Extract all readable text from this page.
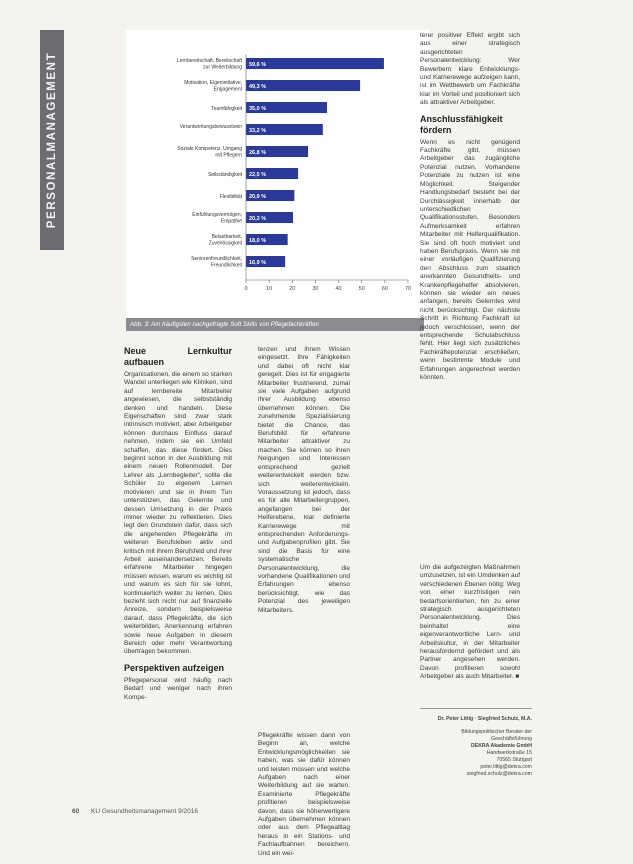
PERSONALMANAGEMENT	59,6 %
Lernbereitschaft, Bereitschaft
zur Weiterbildung
49,3 %
Motivation, Eigeninitiative,
Engagement
35,0 %
Teamfähigkeit
33,2 %
Verantwortungsbewusstsein
26,8 %
Soziale Kompetenz, Umgang
mit Pflegern
22,5 %
Selbständigkeit
20,9 %
Flexibilität
20,3 %
Einfühlungsvermögen,
Empathie
18,0 %
Belastbarkeit,
Zuverlässigkeit
16,9 %
Seniorenfreundlichkeit,
Freundlichkeit
0	10	20	30	40	50	60	70
Abb. 3: Am häufigsten nachgefragte Soft Skills von Pflegefachkräften
Neue Lernkultur aufbauen

Organisationen, die einem so starken Wandel unterliegen wie Kliniken, sind auf lernbereite Mitarbeiter angewiesen, die selbstständig denken und handeln. Diese Eigenschaften sind zwar stark intrinsisch motiviert, aber Arbeitgeber können durchaus Einfluss darauf nehmen, indem sie ein Umfeld schaffen, das diese fördert. Dies beginnt schon in der Ausbildung mit einem neuen Rollenmodell. Der Lehrer als „Lernbegleiter“, sollte die Schüler zu eigenem Lernen motivieren und sie in ihrem Tun unterstützen, das Gelernte und dessen Umsetzung in der Praxis immer wieder zu reflektieren. Dies legt den Grundstein dafür, dass sich die angehenden Pflegekräfte im weiteren Berufsleben aktiv und kritisch mit ihrem Berufsfeld und ihrer Arbeit auseinandersetzen. Bereits erfahrene Mitarbeiter hingegen müssen wissen, warum es wichtig ist und warum es sich für sie lohnt, kontinuierlich weiter zu lernen. Dies bezieht sich nicht nur auf finanzielle Anreize, sondern beispielsweise darauf, dass Pflegekräfte, die sich weiterbilden, Anerkennung erfahren sowie neue Aufgaben in diesem Bereich oder mehr Verantwortung übertragen bekommen.

Perspektiven aufzeigen

Pflegepersonal wird häufig nach Bedarf und weniger nach ihren Kompe-

tenzen und ihrem Wissen eingesetzt. Ihre Fähigkeiten und dabei oft nicht klar geregelt. Dies ist für engagierte Mitarbeiter frustrierend, zumal sie viele Aufgaben aufgrund ihrer Ausbildung ebenso übernehmen können. Die zunehmende Spezialisierung bietet die Chance, das Berufsbild für erfahrene Mitarbeiter attraktiver zu machen. Sie können so ihren Neigungen und Interessen entsprechend gezielt weiterentwickelt werden bzw. sich weiterentwickeln. Voraussetzung ist jedoch, dass es für alle Mitarbeitergruppen, angefangen bei der Helferebene, klar definierte Karrierewege mit entsprechenden Anforderungs- und Aufgabenprofilen gibt. Sie sind die Basis für eine systematische Personalentwicklung, die vorhandene Qualifikationen und Erfahrungen ebenso berücksichtigt, wie das Potenzial des jeweiligen Mitarbeiters.

Pflegekräfte wissen dann von Beginn an, welche Entwicklungsmöglichkeiten sie haben, was sie dafür können und leisten müssen und welche Aufgaben nach einer Weiterbildung auf sie warten. Examinierte Pflegekräfte profitieren beispielsweise davon, dass sie höherwertigere Aufgaben übernehmen können oder aus dem Pflegealltag heraus in ein Stations- und Fachlaufbahnen bereichern. Und ein wei-

terer positiver Effekt ergibt sich aus einer strategisch ausgerichteten Personalentwicklung: Wer Bewerbern klare Entwicklungs- und Karrierewege aufzeigen kann, ist im Wettbewerb um Fachkräfte klar im Vorteil und positioniert sich als attraktiver Arbeitgeber.

Anschlussfähigkeit fördern

Wenn es nicht genügend Fachkräfte gibt, müssen Arbeitgeber das zugängliche Potenzial nutzen. Vorhandene Potenziale zu nutzen ist eine Möglichkeit. Steigender Handlungsbedarf besteht bei der Durchlässigkeit innerhalb der unterschiedlichen Qualifikationsstufen. Besonders Aufmerksamkeit erfahren Mitarbeiter mit Helferqualifikation. Sie sind oft hoch motiviert und haben Berufspraxis. Wenn sie mit einer vorläufigen Qualifizierung den Abschluss zum staatlich anerkannten Gesundheits- und Krankenpflegehelfer absolvieren, können sie wieder ein neues anfangen, bereits Gelerntes wird nicht berücksichtigt. Der nächste Schritt in Richtung Fachkraft ist jedoch verschlossen, wenn der entsprechende Schulabschluss fehlt. Hier liegt sich zusätzliches Fachkräftepotenzial erschließen, wenn bestimmte Module und Erfahrungen angerechnet werden könnten.

Um die aufgezeigten Maßnahmen umzusetzen, ist ein Umdenken auf verschiedenen Ebenen nötig: Weg von einer kurzfristigen rein bedarfsorientierten, hin zu einer strategisch ausgerichteten Personalentwicklung. Dies beinhaltet eine eigenverantwortliche Lern- und Arbeitskultur, in der Mitarbeiter herausfordernd gefördert und als Partner angesehen werden. Davon profitieren sowohl Arbeitgeber als auch Mitarbeiter. ■

Dr. Peter Littig · Siegfried Schulz, M.A.
Bildungspolitischer Berater der Geschäftsführung
DEKRA Akademie GmbH
Handwerkstraße 15
70565 Stuttgart
peter.littig@dekra.com
siegfried.schulz@dekra.com
60 KU Gesundheitsmanagement 9/2016
